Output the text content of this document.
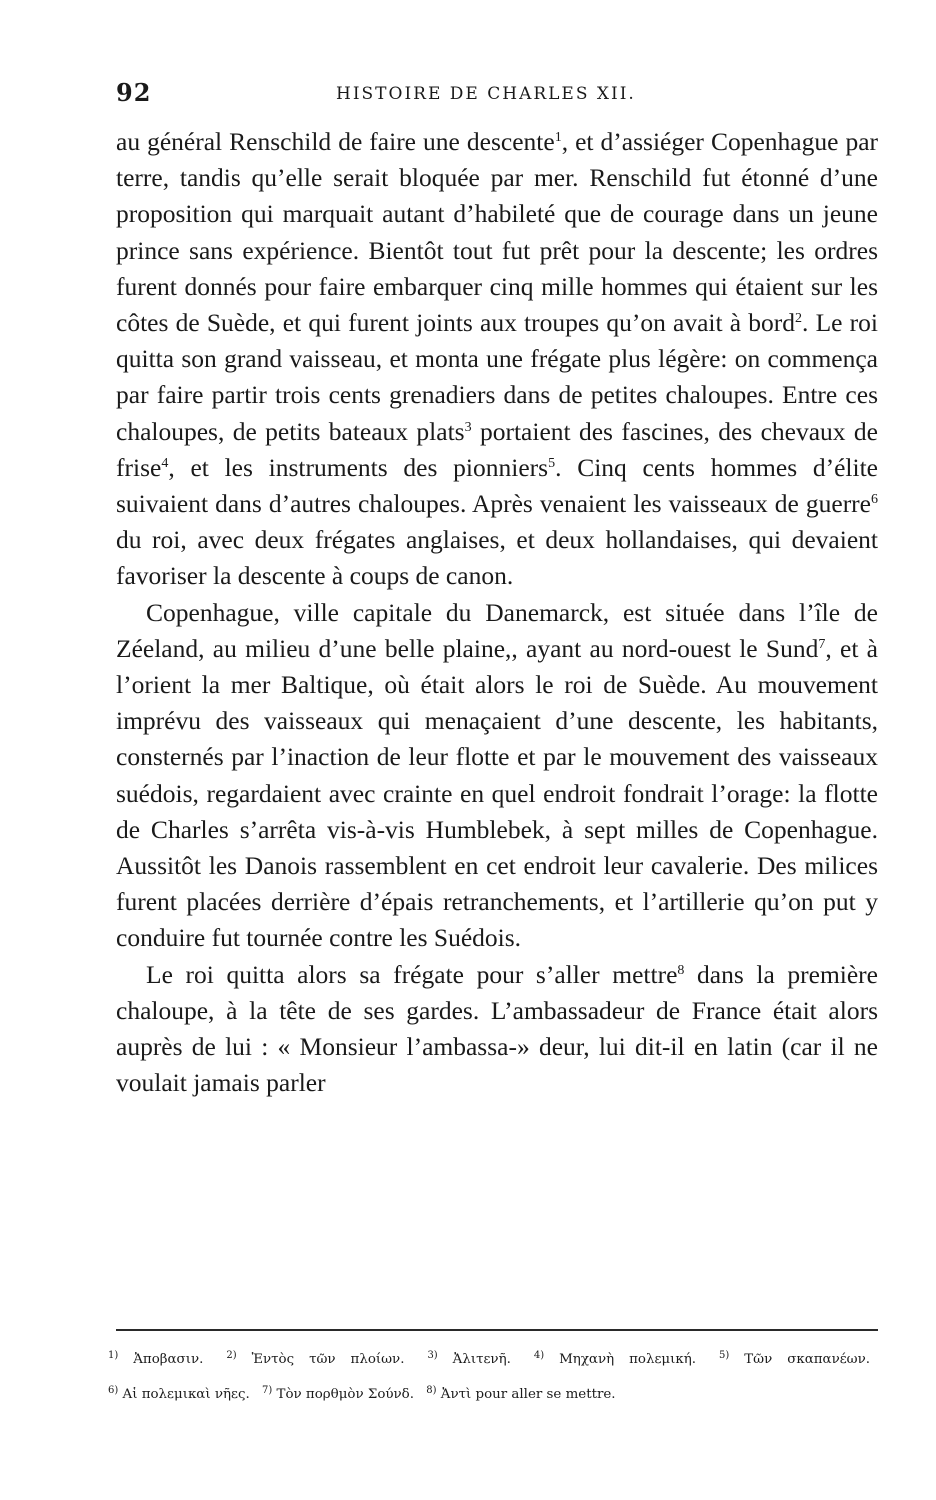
92	HISTOIRE DE CHARLES XII.

au général Renschild de faire une descente$^1$, et d’assiéger Copenhague par terre, tandis qu’elle serait bloquée par mer. Renschild fut étonné d’une proposition qui marquait autant d’habileté que de courage dans un jeune prince sans expérience. Bientôt tout fut prêt pour la descente; les ordres furent donnés pour faire embarquer cinq mille hommes qui étaient sur les côtes de Suède, et qui furent joints aux troupes qu’on avait à bord$^2$. Le roi quitta son grand vaisseau, et monta une frégate plus légère: on commença par faire partir trois cents grenadiers dans de petites chaloupes. Entre ces chaloupes, de petits bateaux plats$^3$ portaient des fascines, des chevaux de frise$^4$, et les instruments des pionniers$^5$. Cinq cents hommes d’élite suivaient dans d’autres chaloupes. Après venaient les vaisseaux de guerre$^6$ du roi, avec deux frégates anglaises, et deux hollandaises, qui devaient favoriser la descente à coups de canon.

Copenhague, ville capitale du Danemarck, est située dans l’île de Zéeland, au milieu d’une belle plaine,, ayant au nord-ouest le Sund$^7$, et à l’orient la mer Baltique, où était alors le roi de Suède. Au mouvement imprévu des vaisseaux qui menaçaient d’une descente, les habitants, consternés par l’inaction de leur flotte et par le mouvement des vaisseaux suédois, regardaient avec crainte en quel endroit fondrait l’orage: la flotte de Charles s’arrêta vis-à-vis Humblebek, à sept milles de Copenhague. Aussitôt les Danois rassemblent en cet endroit leur cavalerie. Des milices furent placées derrière d’épais retranchements, et l’artillerie qu’on put y conduire fut tournée contre les Suédois.

Le roi quitta alors sa frégate pour s’aller mettre$^8$ dans la première chaloupe, à la tête de ses gardes. L’ambassadeur de France était alors auprès de lui : « Monsieur l’ambassa-» deur, lui dit-il en latin (car il ne voulait jamais parler

$^{1)}$ Ἀποβασιν. $^{2)}$ Ἐντὸς τῶν πλοίων. $^{3)}$ Ἀλιτενῆ. $^{4)}$ Μηχανὴ πολεμική. $^{5)}$ Τῶν σκαπανέων. $^{6)}$ Αἱ πολεμικαὶ νῆες. $^{7)}$ Τὸν πορθμὸν Σούνδ. $^{8)}$ Ἀντὶ pour aller se mettre.
